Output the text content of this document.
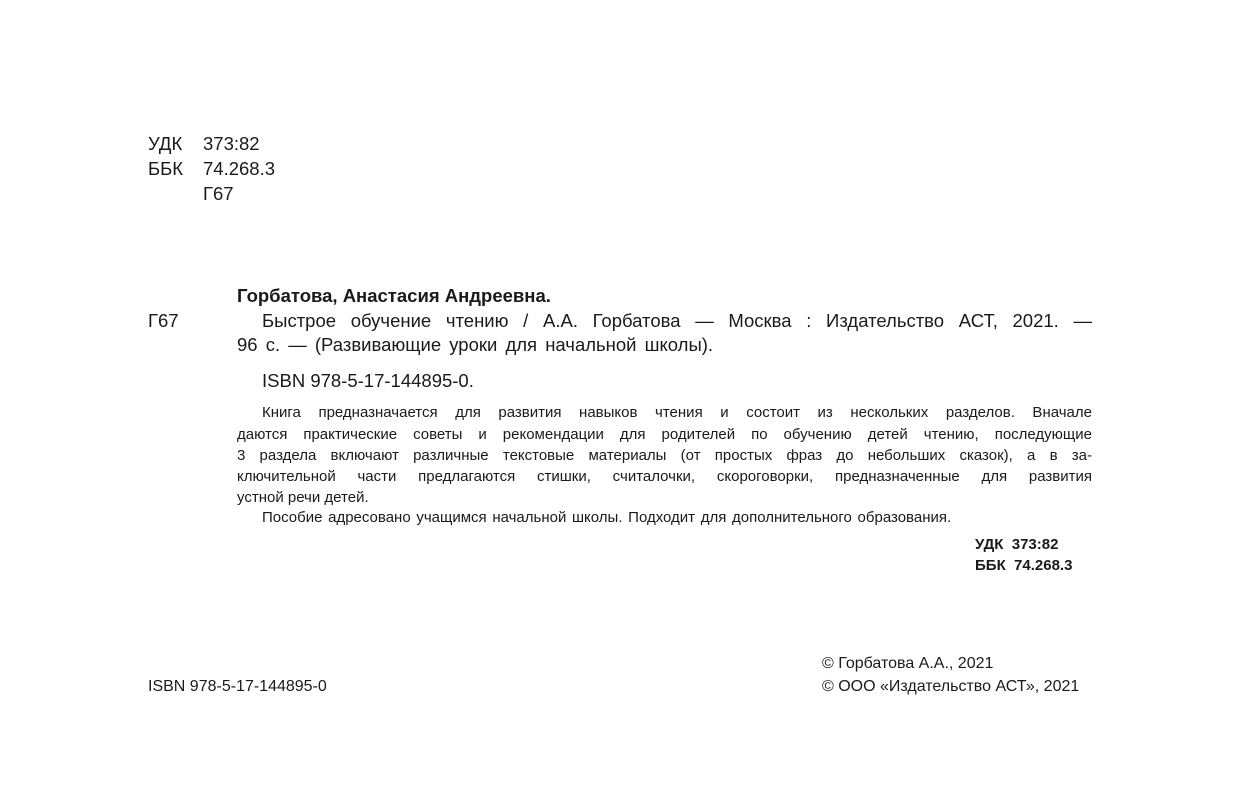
УДК 373:82
ББК 74.268.3
Г67
Горбатова, Анастасия Андреевна.
Г67	Быстрое обучение чтению / А.А. Горбатова — Москва : Издательство АСТ, 2021. —
96 с. — (Развивающие уроки для начальной школы).
ISBN 978-5-17-144895-0.
Книга предназначается для развития навыков чтения и состоит из нескольких разделов. Вначале
даются практические советы и рекомендации для родителей по обучению детей чтению, последующие
3 раздела включают различные текстовые материалы (от простых фраз до небольших сказок), а в за-
ключительной части предлагаются стишки, считалочки, скороговорки, предназначенные для развития
устной речи детей.
Пособие адресовано учащимся начальной школы. Подходит для дополнительного образования.
УДК  373:82
ББК  74.268.3
© Горбатова А.А., 2021
© ООО «Издательство АСТ», 2021
ISBN 978-5-17-144895-0
